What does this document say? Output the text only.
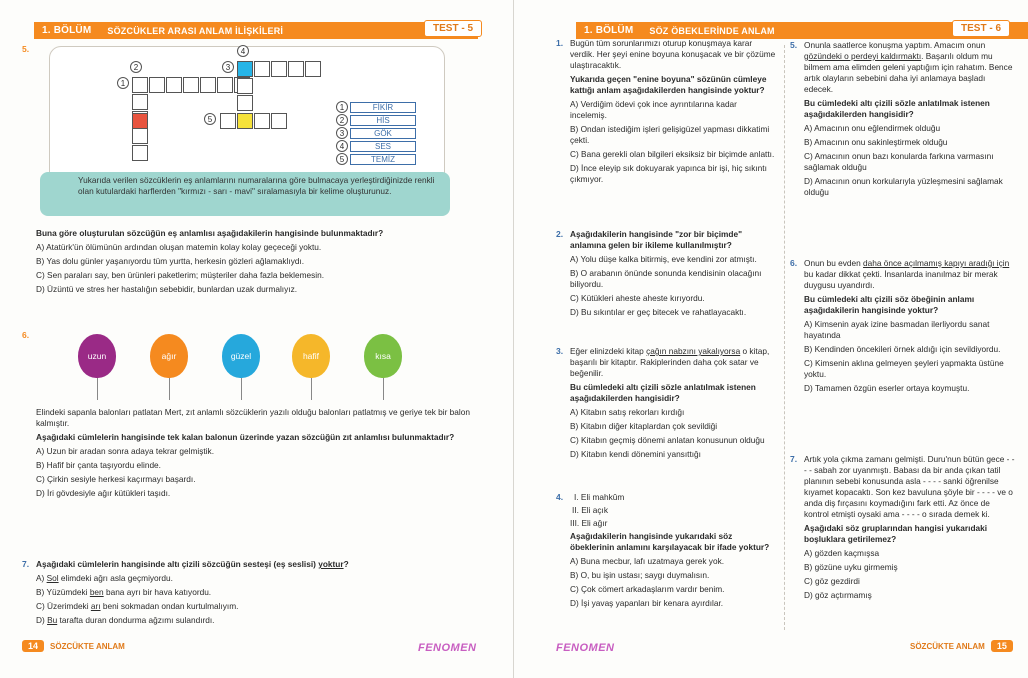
1. BÖLÜM	SÖZCÜKLER ARASI ANLAM İLİŞKİLERİ	TEST - 5
5.
1
2	3
4
5
1	FİKİR
2	HİS
3	GÖK
4	SES
5	TEMİZ
Yukarıda verilen sözcüklerin eş anlamlarını numaralarına göre bulmacaya yerleştirdiğinizde renkli olan kutulardaki harflerden "kırmızı - sarı - mavi" sıralamasıyla bir kelime oluşturunuz.
Buna göre oluşturulan sözcüğün eş anlamlısı aşağıdakilerin hangisinde bulunmaktadır?
A) Atatürk'ün ölümünün ardından oluşan matemin kolay kolay geçeceği yoktu.
B) Yas dolu günler yaşanıyordu tüm yurtta, herkesin gözleri ağlamaklıydı.
C) Sen paraları say, ben ürünleri paketlerim; müşteriler daha fazla beklemesin.
D) Üzüntü ve stres her hastalığın sebebidir, bunlardan uzak durmalıyız.
6.
uzun	ağır	güzel	hafif	kısa
Elindeki sapanla balonları patlatan Mert, zıt anlamlı sözcüklerin yazılı olduğu balonları patlatmış ve geriye tek bir balon kalmıştır.
Aşağıdaki cümlelerin hangisinde tek kalan balonun üzerinde yazan sözcüğün zıt anlamlısı bulunmaktadır?
A) Uzun bir aradan sonra adaya tekrar gelmiştik.
B) Hafif bir çanta taşıyordu elinde.
C) Çirkin sesiyle herkesi kaçırmayı başardı.
D) İri gövdesiyle ağır kütükleri taşıdı.
7. Aşağıdaki cümlelerin hangisinde altı çizili sözcüğün sesteşi (eş seslisi) yoktur?
A) Sol elimdeki ağrı asla geçmiyordu.
B) Yüzümdeki ben bana ayrı bir hava katıyordu.
C) Üzerimdeki arı beni sokmadan ondan kurtulmalıyım.
D) Bu tarafta duran dondurma ağzımı sulandırdı.
14	SÖZCÜKTE ANLAM	FENOMEN
1. BÖLÜM	SÖZ ÖBEKLERİNDE ANLAM	TEST - 6
1. Bugün tüm sorunlarımızı oturup konuşmaya karar verdik. Her şeyi enine boyuna konuşacak ve bir çözüme ulaştıracaktık.
Yukarıda geçen "enine boyuna" sözünün cümleye kattığı anlam aşağıdakilerden hangisinde yoktur?
A) Verdiğim ödevi çok ince ayrıntılarına kadar incelemiş.
B) Ondan istediğim işleri gelişigüzel yapması dikkatimi çekti.
C) Bana gerekli olan bilgileri eksiksiz bir biçimde anlattı.
D) İnce eleyip sık dokuyarak yapınca bir işi, hiç sıkıntı çıkmıyor.
2. Aşağıdakilerin hangisinde "zor bir biçimde" anlamına gelen bir ikileme kullanılmıştır?
A) Yolu düşe kalka bitirmiş, eve kendini zor atmıştı.
B) O arabanın önünde sonunda kendisinin olacağını biliyordu.
C) Kütükleri aheste aheste kırıyordu.
D) Bu sıkıntılar er geç bitecek ve rahatlayacaktı.
3. Eğer elinizdeki kitap çağın nabzını yakalıyorsa o kitap, başarılı bir kitaptır. Rakiplerinden daha çok satar ve beğenilir.
Bu cümledeki altı çizili sözle anlatılmak istenen aşağıdakilerden hangisidir?
A) Kitabın satış rekorları kırdığı
B) Kitabın diğer kitaplardan çok sevildiği
C) Kitabın geçmiş dönemi anlatan konusunun olduğu
D) Kitabın kendi dönemini yansıttığı
4.	I. Eli mahkûm
II. Eli açık
III. Eli ağır
Aşağıdakilerin hangisinde yukarıdaki söz öbeklerinin anlamını karşılayacak bir ifade yoktur?
A) Buna mecbur, lafı uzatmaya gerek yok.
B) O, bu işin ustası; saygı duymalısın.
C) Çok cömert arkadaşlarım vardır benim.
D) İşi yavaş yapanları bir kenara ayırdılar.
5. Onunla saatlerce konuşma yaptım. Amacım onun gözündeki o perdeyi kaldırmaktı. Başarılı oldum mu bilmem ama elimden geleni yaptığım için rahatım. Bence artık olayların sebebini daha iyi anlamaya başladı edecek.
Bu cümledeki altı çizili sözle anlatılmak istenen aşağıdakilerden hangisidir?
A) Amacının onu eğlendirmek olduğu
B) Amacının onu sakinleştirmek olduğu
C) Amacının onun bazı konularda farkına varmasını sağlamak olduğu
D) Amacının onun korkularıyla yüzleşmesini sağlamak olduğu
6. Onun bu evden daha önce açılmamış kapıyı aradığı için bu kadar dikkat çekti. İnsanlarda inanılmaz bir merak duygusu uyandırdı.
Bu cümledeki altı çizili söz öbeğinin anlamı aşağıdakilerin hangisinde yoktur?
A) Kimsenin ayak izine basmadan ilerliyordu sanat hayatında
B) Kendinden öncekileri örnek aldığı için sevildiyordu.
C) Kimsenin aklına gelmeyen şeyleri yapmakta üstüne yoktu.
D) Tamamen özgün eserler ortaya koymuştu.
7. Artık yola çıkma zamanı gelmişti. Duru'nun bütün gece - - - - sabah zor uyanmıştı. Babası da bir anda çıkan tatil planının sebebi konusunda asla - - - - sanki öğrenilse kıyamet kopacaktı. Son kez bavuluna şöyle bir - - - - ve o anda diş fırçasını koymadığını fark etti. Az önce de kontrol etmişti oysaki ama - - - - o sırada demek ki.
Aşağıdaki söz gruplarından hangisi yukarıdaki boşluklara getirilemez?
A) gözden kaçmışsa
B) gözüne uyku girmemiş
C) göz gezdirdi
D) göz açtırmamış
FENOMEN	SÖZCÜKTE ANLAM	15
